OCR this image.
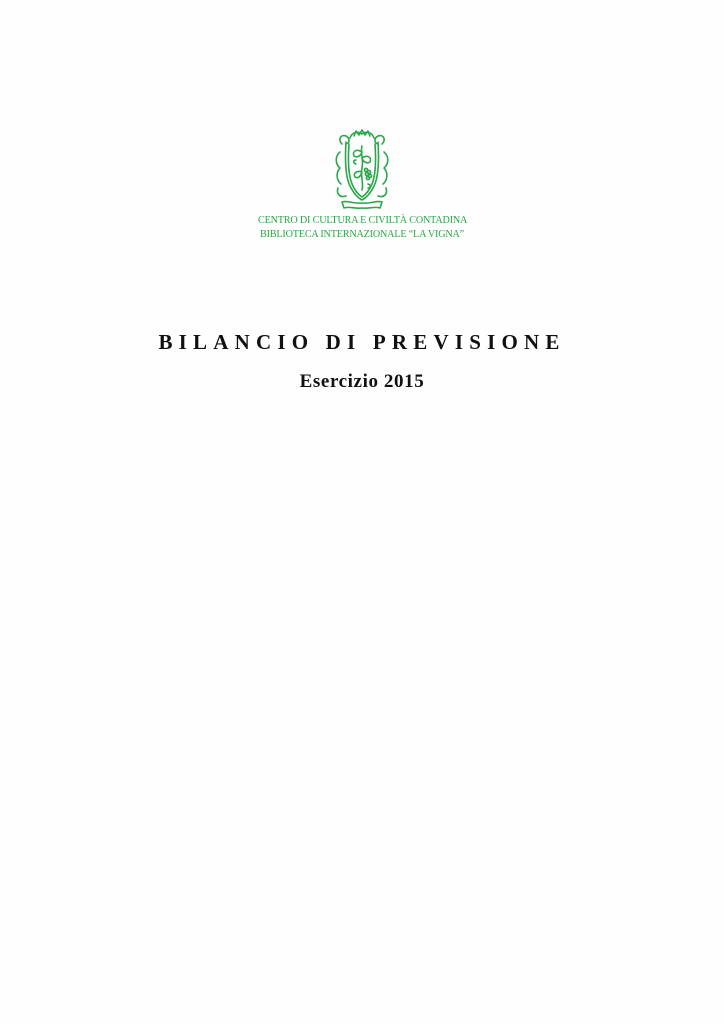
CENTRO DI CULTURA E CIVILTÀ CONTADINA
BIBLIOTECA INTERNAZIONALE “LA VIGNA”
BILANCIO DI PREVISIONE
Esercizio 2015
